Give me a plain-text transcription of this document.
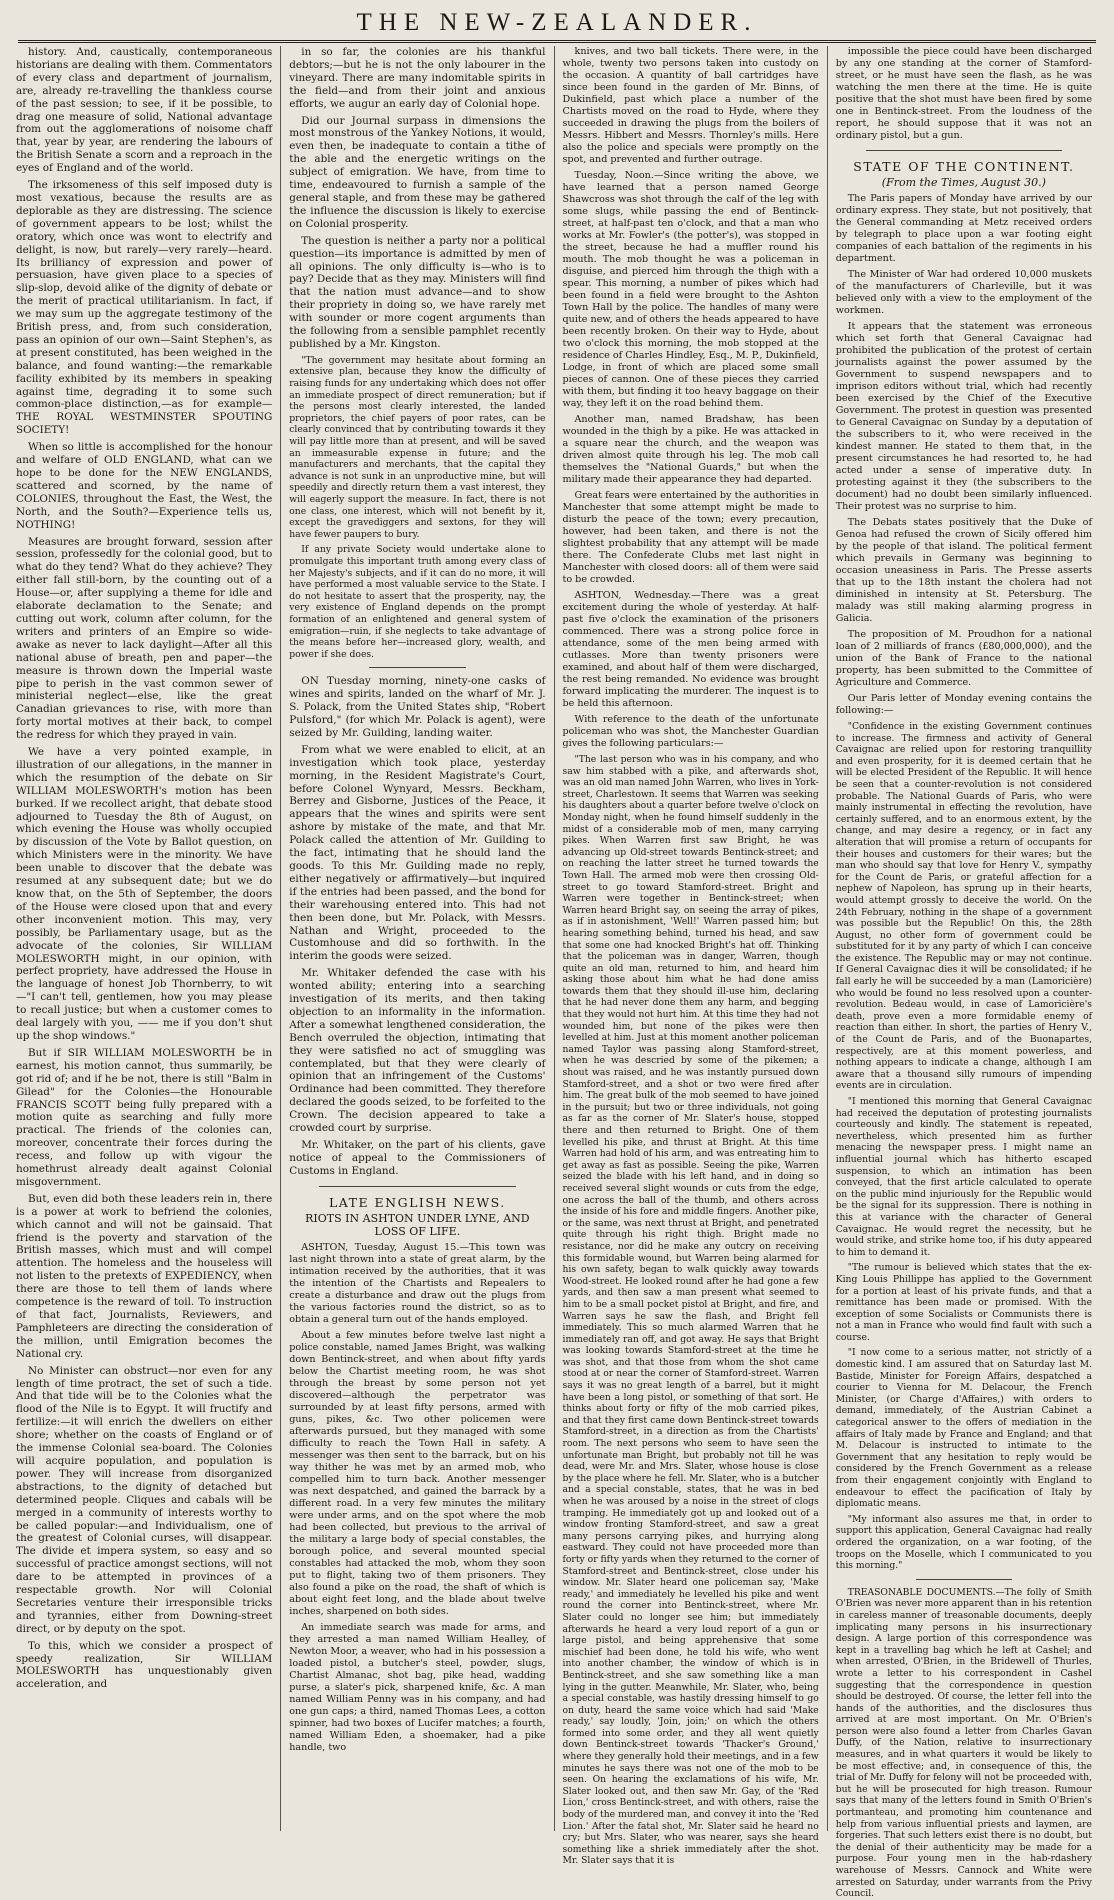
THE NEW-ZEALANDER.

history. And, caustically, contemporaneous historians are dealing with them. Commentators of every class and department of journalism, are, already re-travelling the thankless course of the past session; to see, if it be possible, to drag one measure of solid, National advantage from out the agglomerations of noisome chaff that, year by year, are rendering the labours of the British Senate a scorn and a reproach in the eyes of England and of the world.

The irksomeness of this self imposed duty is most vexatious, because the results are as deplorable as they are distressing. The science of government appears to be lost; whilst the oratory, which once was wont to electrify and delight, is now, but rarely—very rarely—heard. Its brilliancy of expression and power of persuasion, have given place to a species of slip-slop, devoid alike of the dignity of debate or the merit of practical utilitarianism. In fact, if we may sum up the aggregate testimony of the British press, and, from such consideration, pass an opinion of our own—Saint Stephen's, as at present constituted, has been weighed in the balance, and found wanting:—the remarkable facility exhibited by its members in speaking against time, degrading it to some such common-place distinction,—as for example—THE ROYAL WESTMINSTER SPOUTING SOCIETY!

When so little is accomplished for the honour and welfare of OLD ENGLAND, what can we hope to be done for the NEW ENGLANDS, scattered and scorned, by the name of COLONIES, throughout the East, the West, the North, and the South?—Experience tells us, NOTHING!

Measures are brought forward, session after session, professedly for the colonial good, but to what do they tend? What do they achieve? They either fall still-born, by the counting out of a House—or, after supplying a theme for idle and elaborate declamation to the Senate; and cutting out work, column after column, for the writers and printers of an Empire so wide-awake as never to lack daylight—After all this national abuse of breath, pen and paper—the measure is thrown down the Imperial waste pipe to perish in the vast common sewer of ministerial neglect—else, like the great Canadian grievances to rise, with more than forty mortal motives at their back, to compel the redress for which they prayed in vain.

We have a very pointed example, in illustration of our allegations, in the manner in which the resumption of the debate on Sir WILLIAM MOLESWORTH's motion has been burked. If we recollect aright, that debate stood adjourned to Tuesday the 8th of August, on which evening the House was wholly occupied by discussion of the Vote by Ballot question, on which Ministers were in the minority. We have been unable to discover that the debate was resumed at any subsequent date; but we do know that, on the 5th of September, the doors of the House were closed upon that and every other inconvenient motion. This may, very possibly, be Parliamentary usage, but as the advocate of the colonies, Sir WILLIAM MOLESWORTH might, in our opinion, with perfect propriety, have addressed the House in the language of honest Job Thornberry, to wit—"I can't tell, gentlemen, how you may please to recall justice; but when a customer comes to deal largely with you, —— me if you don't shut up the shop windows."

But if SIR WILLIAM MOLESWORTH be in earnest, his motion cannot, thus summarily, be got rid of; and if he be not, there is still "Balm in Gilead" for the Colonies—the Honourable FRANCIS SCOTT being fully prepared with a motion quite as searching and fully more practical. The friends of the colonies can, moreover, concentrate their forces during the recess, and follow up with vigour the homethrust already dealt against Colonial misgovernment.

But, even did both these leaders rein in, there is a power at work to befriend the colonies, which cannot and will not be gainsaid. That friend is the poverty and starvation of the British masses, which must and will compel attention. The homeless and the houseless will not listen to the pretexts of EXPEDIENCY, when there are those to tell them of lands where competence is the reward of toil. To instruction of that fact, Journalists, Reviewers, and Pamphleteers are directing the consideration of the million, until Emigration becomes the National cry.

No Minister can obstruct—nor even for any length of time protract, the set of such a tide. And that tide will be to the Colonies what the flood of the Nile is to Egypt. It will fructify and fertilize:—it will enrich the dwellers on either shore; whether on the coasts of England or of the immense Colonial sea-board. The Colonies will acquire population, and population is power. They will increase from disorganized abstractions, to the dignity of detached but determined people. Cliques and cabals will be merged in a community of interests worthy to be called popular:—and Individualism, one of the greatest of Colonial curses, will disappear. The divide et impera system, so easy and so successful of practice amongst sections, will not dare to be attempted in provinces of a respectable growth. Nor will Colonial Secretaries venture their irresponsible tricks and tyrannies, either from Downing-street direct, or by deputy on the spot.

To this, which we consider a prospect of speedy realization, Sir WILLIAM MOLESWORTH has unquestionably given acceleration, and

in so far, the colonies are his thankful debtors;—but he is not the only labourer in the vineyard. There are many indomitable spirits in the field—and from their joint and anxious efforts, we augur an early day of Colonial hope.

Did our Journal surpass in dimensions the most monstrous of the Yankey Notions, it would, even then, be inadequate to contain a tithe of the able and the energetic writings on the subject of emigration. We have, from time to time, endeavoured to furnish a sample of the general staple, and from these may be gathered the influence the discussion is likely to exercise on Colonial prosperity.

The question is neither a party nor a political question—its importance is admitted by men of all opinions. The only difficulty is—who is to pay? Decide that as they may. Ministers will find that the nation must advance—and to show their propriety in doing so, we have rarely met with sounder or more cogent arguments than the following from a sensible pamphlet recently published by a Mr. Kingston.

"The government may hesitate about forming an extensive plan, because they know the difficulty of raising funds for any undertaking which does not offer an immediate prospect of direct remuneration; but if the persons most clearly interested, the landed proprietors, the chief payers of poor rates, can be clearly convinced that by contributing towards it they will pay little more than at present, and will be saved an immeasurable expense in future; and the manufacturers and merchants, that the capital they advance is not sunk in an unproductive mine, but will speedily and directly return them a vast interest, they will eagerly support the measure. In fact, there is not one class, one interest, which will not benefit by it, except the gravediggers and sextons, for they will have fewer paupers to bury.

If any private Society would undertake alone to promulgate this important truth among every class of her Majesty's subjects, and if it can do no more, it will have performed a most valuable service to the State. I do not hesitate to assert that the prosperity, nay, the very existence of England depends on the prompt formation of an enlightened and general system of emigration—ruin, if she neglects to take advantage of the means before her—increased glory, wealth, and power if she does.

ON Tuesday morning, ninety-one casks of wines and spirits, landed on the wharf of Mr. J. S. Polack, from the United States ship, "Robert Pulsford," (for which Mr. Polack is agent), were seized by Mr. Guilding, landing waiter.

From what we were enabled to elicit, at an investigation which took place, yesterday morning, in the Resident Magistrate's Court, before Colonel Wynyard, Messrs. Beckham, Berrey and Gisborne, Justices of the Peace, it appears that the wines and spirits were sent ashore by mistake of the mate, and that Mr. Polack called the attention of Mr. Guilding to the fact, intimating that he should land the goods. To this Mr. Guilding made no reply, either negatively or affirmatively—but inquired if the entries had been passed, and the bond for their warehousing entered into. This had not then been done, but Mr. Polack, with Messrs. Nathan and Wright, proceeded to the Customhouse and did so forthwith. In the interim the goods were seized.

Mr. Whitaker defended the case with his wonted ability; entering into a searching investigation of its merits, and then taking objection to an informality in the information. After a somewhat lengthened consideration, the Bench overruled the objection, intimating that they were satisfied no act of smuggling was contemplated, but that they were clearly of opinion that an infringement of the Customs' Ordinance had been committed. They therefore declared the goods seized, to be forfeited to the Crown. The decision appeared to take a crowded court by surprise.

Mr. Whitaker, on the part of his clients, gave notice of appeal to the Commissioners of Customs in England.

LATE ENGLISH NEWS.
RIOTS IN ASHTON UNDER LYNE, AND LOSS OF LIFE.

ASHTON, Tuesday, August 15.—This town was last night thrown into a state of great alarm, by the intimation received by the authorities, that it was the intention of the Chartists and Repealers to create a disturbance and draw out the plugs from the various factories round the district, so as to obtain a general turn out of the hands employed.

About a few minutes before twelve last night a police constable, named James Bright, was walking down Bentinck-street, and when about fifty yards below the Chartist meeting room, he was shot through the breast by some person not yet discovered—although the perpetrator was surrounded by at least fifty persons, armed with guns, pikes, &c. Two other policemen were afterwards pursued, but they managed with some difficulty to reach the Town Hall in safety. A messenger was then sent to the barrack, but on his way thither he was met by an armed mob, who compelled him to turn back. Another messenger was next despatched, and gained the barrack by a different road. In a very few minutes the military were under arms, and on the spot where the mob had been collected, but previous to the arrival of the military a large body of special constables, the borough police, and several mounted special constables had attacked the mob, whom they soon put to flight, taking two of them prisoners. They also found a pike on the road, the shaft of which is about eight feet long, and the blade about twelve inches, sharpened on both sides.

An immediate search was made for arms, and they arrested a man named William Healley, of Newton Moor, a weaver, who had in his possession a loaded pistol, a butcher's steel, powder, slugs, Chartist Almanac, shot bag, pike head, wadding purse, a slater's pick, sharpened knife, &c. A man named William Penny was in his company, and had one gun caps; a third, named Thomas Lees, a cotton spinner, had two boxes of Lucifer matches; a fourth, named William Eden, a shoemaker, had a pike handle, two

knives, and two ball tickets. There were, in the whole, twenty two persons taken into custody on the occasion. A quantity of ball cartridges have since been found in the garden of Mr. Binns, of Dukinfield, past which place a number of the Chartists moved on the road to Hyde, where they succeeded in drawing the plugs from the boilers of Messrs. Hibbert and Messrs. Thornley's mills. Here also the police and specials were promptly on the spot, and prevented and further outrage.

Tuesday, Noon.—Since writing the above, we have learned that a person named George Shawcross was shot through the calf of the leg with some slugs, while passing the end of Bentinck-street, at half-past ten o'clock, and that a man who works at Mr. Fowler's (the potter's), was stopped in the street, because he had a muffler round his mouth. The mob thought he was a policeman in disguise, and pierced him through the thigh with a spear. This morning, a number of pikes which had been found in a field were brought to the Ashton Town Hall by the police. The handles of many were quite new, and of others the heads appeared to have been recently broken. On their way to Hyde, about two o'clock this morning, the mob stopped at the residence of Charles Hindley, Esq., M. P., Dukinfield, Lodge, in front of which are placed some small pieces of cannon. One of these pieces they carried with them, but finding it too heavy baggage on their way, they left it on the road behind them.

Another man, named Bradshaw, has been wounded in the thigh by a pike. He was attacked in a square near the church, and the weapon was driven almost quite through his leg. The mob call themselves the "National Guards," but when the military made their appearance they had departed.

Great fears were entertained by the authorities in Manchester that some attempt might be made to disturb the peace of the town; every precaution, however, had been taken, and there is not the slightest probability that any attempt will be made there. The Confederate Clubs met last night in Manchester with closed doors: all of them were said to be crowded.

ASHTON, Wednesday.—There was a great excitement during the whole of yesterday. At half-past five o'clock the examination of the prisoners commenced. There was a strong police force in attendance, some of the men being armed with cutlasses. More than twenty prisoners were examined, and about half of them were discharged, the rest being remanded. No evidence was brought forward implicating the murderer. The inquest is to be held this afternoon.

With reference to the death of the unfortunate policeman who was shot, the Manchester Guardian gives the following particulars:—

"The last person who was in his company, and who saw him stabbed with a pike, and afterwards shot, was an old man named John Warren, who lives in York-street, Charlestown. It seems that Warren was seeking his daughters about a quarter before twelve o'clock on Monday night, when he found himself suddenly in the midst of a considerable mob of men, many carrying pikes. When Warren first saw Bright, he was advancing up Old-street towards Bentinck-street; and on reaching the latter street he turned towards the Town Hall. The armed mob were then crossing Old-street to go toward Stamford-street. Bright and Warren were together in Bentinck-street; when Warren heard Bright say, on seeing the array of pikes, as if in astonishment, 'Well!' Warren passed him; but hearing something behind, turned his head, and saw that some one had knocked Bright's hat off. Thinking that the policeman was in danger, Warren, though quite an old man, returned to him, and heard him asking those about him what he had done amiss towards them that they should ill-use him, declaring that he had never done them any harm, and begging that they would not hurt him. At this time they had not wounded him, but none of the pikes were then levelled at him. Just at this moment another policeman named Taylor was passing along Stamford-street, when he was descried by some of the pikemen; a shout was raised, and he was instantly pursued down Stamford-street, and a shot or two were fired after him. The great bulk of the mob seemed to have joined in the pursuit; but two or three individuals, not going as far as the corner of Mr. Slater's house, stopped there and then returned to Bright. One of them levelled his pike, and thrust at Bright. At this time Warren had hold of his arm, and was entreating him to get away as fast as possible. Seeing the pike, Warren seized the blade with his left hand, and in doing so received several slight wounds or cuts from the edge, one across the ball of the thumb, and others across the inside of his fore and middle fingers. Another pike, or the same, was next thrust at Bright, and penetrated quite through his right thigh. Bright made no resistance, nor did he make any outcry on receiving this formidable wound, but Warren being alarmed for his own safety, began to walk quickly away towards Wood-street. He looked round after he had gone a few yards, and then saw a man present what seemed to him to be a small pocket pistol at Bright, and fire, and Warren says he saw the flash, and Bright fell immediately. This so much alarmed Warren that he immediately ran off, and got away. He says that Bright was looking towards Stamford-street at the time he was shot, and that those from whom the shot came stood at or near the corner of Stamford-street. Warren says it was no great length of a barrel, but it might have been a long pistol, or something of that sort. He thinks about forty or fifty of the mob carried pikes, and that they first came down Bentinck-street towards Stamford-street, in a direction as from the Chartists' room. The next persons who seem to have seen the unfortunate man Bright, but probably not till he was dead, were Mr. and Mrs. Slater, whose house is close by the place where he fell. Mr. Slater, who is a butcher and a special constable, states, that he was in bed when he was aroused by a noise in the street of clogs tramping. He immediately got up and looked out of a window fronting Stamford-street, and saw a great many persons carrying pikes, and hurrying along eastward. They could not have proceeded more than forty or fifty yards when they returned to the corner of Stamford-street and Bentinck-street, close under his window. Mr. Slater heard one policeman say, 'Make ready,' and immediately he levelled his pike and went round the corner into Bentinck-street, where Mr. Slater could no longer see him; but immediately afterwards he heard a very loud report of a gun or large pistol, and being apprehensive that some mischief had been done, he told his wife, who went into another chamber, the window of which is in Bentinck-street, and she saw something like a man lying in the gutter. Meanwhile, Mr. Slater, who, being a special constable, was hastily dressing himself to go on duty, heard the same voice which had said 'Make ready,' say loudly, 'Join, join;' on which the others formed into some order, and they all went quietly down Bentinck-street towards 'Thacker's Ground,' where they generally hold their meetings, and in a few minutes he says there was not one of the mob to be seen. On hearing the exclamations of his wife, Mr. Slater looked out, and then saw Mr. Gay, of the 'Red Lion,' cross Bentinck-street, and with others, raise the body of the murdered man, and convey it into the 'Red Lion.' After the fatal shot, Mr. Slater said he heard no cry; but Mrs. Slater, who was nearer, says she heard something like a shriek immediately after the shot. Mr. Slater says that it is

impossible the piece could have been discharged by any one standing at the corner of Stamford-street, or he must have seen the flash, as he was watching the men there at the time. He is quite positive that the shot must have been fired by some one in Bentinck-street. From the loudness of the report, he should suppose that it was not an ordinary pistol, but a gun.

STATE OF THE CONTINENT.
(From the Times, August 30.)

The Paris papers of Monday have arrived by our ordinary express. They state, but not positively, that the General commanding at Metz received orders by telegraph to place upon a war footing eight companies of each battalion of the regiments in his department.

The Minister of War had ordered 10,000 muskets of the manufacturers of Charleville, but it was believed only with a view to the employment of the workmen.

It appears that the statement was erroneous which set forth that General Cavaignac had prohibited the publication of the protest of certain journalists against the power assumed by the Government to suspend newspapers and to imprison editors without trial, which had recently been exercised by the Chief of the Executive Government. The protest in question was presented to General Cavaignac on Sunday by a deputation of the subscribers to it, who were received in the kindest manner. He stated to them that, in the present circumstances he had resorted to, he had acted under a sense of imperative duty. In protesting against it they (the subscribers to the document) had no doubt been similarly influenced. Their protest was no surprise to him.

The Debats states positively that the Duke of Genoa had refused the crown of Sicily offered him by the people of that island. The political ferment which prevails in Germany was beginning to occasion uneasiness in Paris. The Presse asserts that up to the 18th instant the cholera had not diminished in intensity at St. Petersburg. The malady was still making alarming progress in Galicia.

The proposition of M. Proudhon for a national loan of 2 milliards of francs (£80,000,000), and the union of the Bank of France to the national property, has been submitted to the Committee of Agriculture and Commerce.

Our Paris letter of Monday evening contains the following:—

"Confidence in the existing Government continues to increase. The firmness and activity of General Cavaignac are relied upon for restoring tranquillity and even prosperity, for it is deemed certain that he will be elected President of the Republic. It will hence be seen that a counter-revolution is not considered probable. The National Guards of Paris, who were mainly instrumental in effecting the revolution, have certainly suffered, and to an enormous extent, by the change, and may desire a regency, or in fact any alteration that will promise a return of occupants for their houses and customers for their wares; but the man who should say that love for Henry V., sympathy for the Count de Paris, or grateful affection for a nephew of Napoleon, has sprung up in their hearts, would attempt grossly to deceive the world. On the 24th February, nothing in the shape of a government was possible but the Republic! On this, the 28th August, no other form of government could be substituted for it by any party of which I can conceive the existence. The Republic may or may not continue. If General Cavaignac dies it will be consolidated; if he fall early he will be succeeded by a man (Lamoricière) who would be found no less resolved upon a counter-revolution. Bedeau would, in case of Lamoricière's death, prove even a more formidable enemy of reaction than either. In short, the parties of Henry V., of the Count de Paris, and of the Buonapartes, respectively, are at this moment powerless, and nothing appears to indicate a change, although I am aware that a thousand silly rumours of impending events are in circulation.

"I mentioned this morning that General Cavaignac had received the deputation of protesting journalists courteously and kindly. The statement is repeated, nevertheless, which presented him as further menacing the newspaper press. I might name an influential journal which has hitherto escaped suspension, to which an intimation has been conveyed, that the first article calculated to operate on the public mind injuriously for the Republic would be the signal for its suppression. There is nothing in this at variance with the character of General Cavaignac. He would regret the necessity, but he would strike, and strike home too, if his duty appeared to him to demand it.

"The rumour is believed which states that the ex-King Louis Phillippe has applied to the Government for a portion at least of his private funds, and that a remittance has been made or promised. With the exception of some Socialists or Communists there is not a man in France who would find fault with such a course.

"I now come to a serious matter, not strictly of a domestic kind. I am assured that on Saturday last M. Bastide, Minister for Foreign Affairs, despatched a courier to Vienna for M. Delacour, the French Minister, (or Charge d'Affaires,) with orders to demand, immediately, of the Austrian Cabinet a categorical answer to the offers of mediation in the affairs of Italy made by France and England; and that M. Delacour is instructed to intimate to the Government that any hesitation to reply would be considered by the French Government as a release from their engagement conjointly with England to endeavour to effect the pacification of Italy by diplomatic means.

"My informant also assures me that, in order to support this application, General Cavaignac had really ordered the organization, on a war footing, of the troops on the Moselle, which I communicated to you this morning."

TREASONABLE DOCUMENTS.—The folly of Smith O'Brien was never more apparent than in his retention in careless manner of treasonable documents, deeply implicating many persons in his insurrectionary design. A large portion of this correspondence was kept in a travelling bag which he left at Cashel; and when arrested, O'Brien, in the Bridewell of Thurles, wrote a letter to his correspondent in Cashel suggesting that the correspondence in question should be destroyed. Of course, the letter fell into the hands of the authorities, and the disclosures thus arrived at are most important. On Mr. O'Brien's person were also found a letter from Charles Gavan Duffy, of the Nation, relative to insurrectionary measures, and in what quarters it would be likely to be most effective; and, in consequence of this, the trial of Mr. Duffy for felony will not be proceeded with, but he will be prosecuted for high treason. Rumour says that many of the letters found in Smith O'Brien's portmanteau, and promoting him countenance and help from various influential priests and laymen, are forgeries. That such letters exist there is no doubt, but the denial of their authenticity may be made for a purpose. Four young men in the hab-rdashery warehouse of Messrs. Cannock and White were arrested on Saturday, under warrants from the Privy Council.
